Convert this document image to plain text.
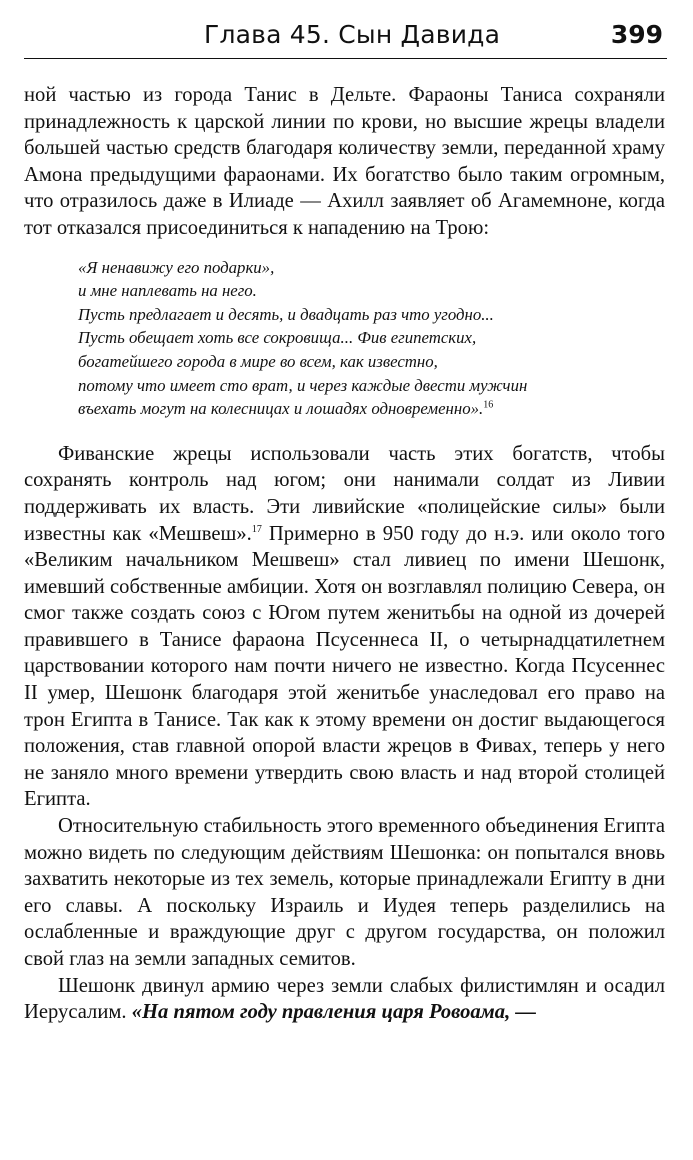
Глава 45. Сын Давида	399

ной частью из города Танис в Дельте. Фараоны Таниса сохраняли принадлежность к царской линии по крови, но высшие жрецы владели большей частью средств благодаря количеству земли, переданной храму Амона предыдущими фараонами. Их богатство было таким огромным, что отразилось даже в Илиаде — Ахилл заявляет об Агамемноне, когда тот отказался присоединиться к нападению на Трою:

«Я ненавижу его подарки»,
и мне наплевать на него.
Пусть предлагает и десять, и двадцать раз что угодно...
Пусть обещает хоть все сокровища... Фив египетских,
богатейшего города в мире во всем, как известно,
потому что имеет сто врат, и через каждые двести мужчин
въехать могут на колесницах и лошадях одновременно».$^{16}$

Фиванские жрецы использовали часть этих богатств, чтобы сохранять контроль над югом; они нанимали солдат из Ливии поддерживать их власть. Эти ливийские «полицейские силы» были известны как «Мешвеш».$^{17}$ Примерно в 950 году до н.э. или около того «Великим начальником Мешвеш» стал ливиец по имени Шешонк, имевший собственные амбиции. Хотя он возглавлял полицию Севера, он смог также создать союз с Югом путем женитьбы на одной из дочерей правившего в Танисе фараона Псусеннеса II, о четырнадцатилетнем царствовании которого нам почти ничего не известно. Когда Псусеннес II умер, Шешонк благодаря этой женитьбе унаследовал его право на трон Египта в Танисе. Так как к этому времени он достиг выдающегося положения, став главной опорой власти жрецов в Фивах, теперь у него не заняло много времени утвердить свою власть и над второй столицей Египта.

Относительную стабильность этого временного объединения Египта можно видеть по следующим действиям Шешонка: он попытался вновь захватить некоторые из тех земель, которые принадлежали Египту в дни его славы. А поскольку Израиль и Иудея теперь разделились на ослабленные и враждующие друг с другом государства, он положил свой глаз на земли западных семитов.

Шешонк двинул армию через земли слабых филистимлян и осадил Иерусалим. «На пятом году правления царя Ровоама, —
